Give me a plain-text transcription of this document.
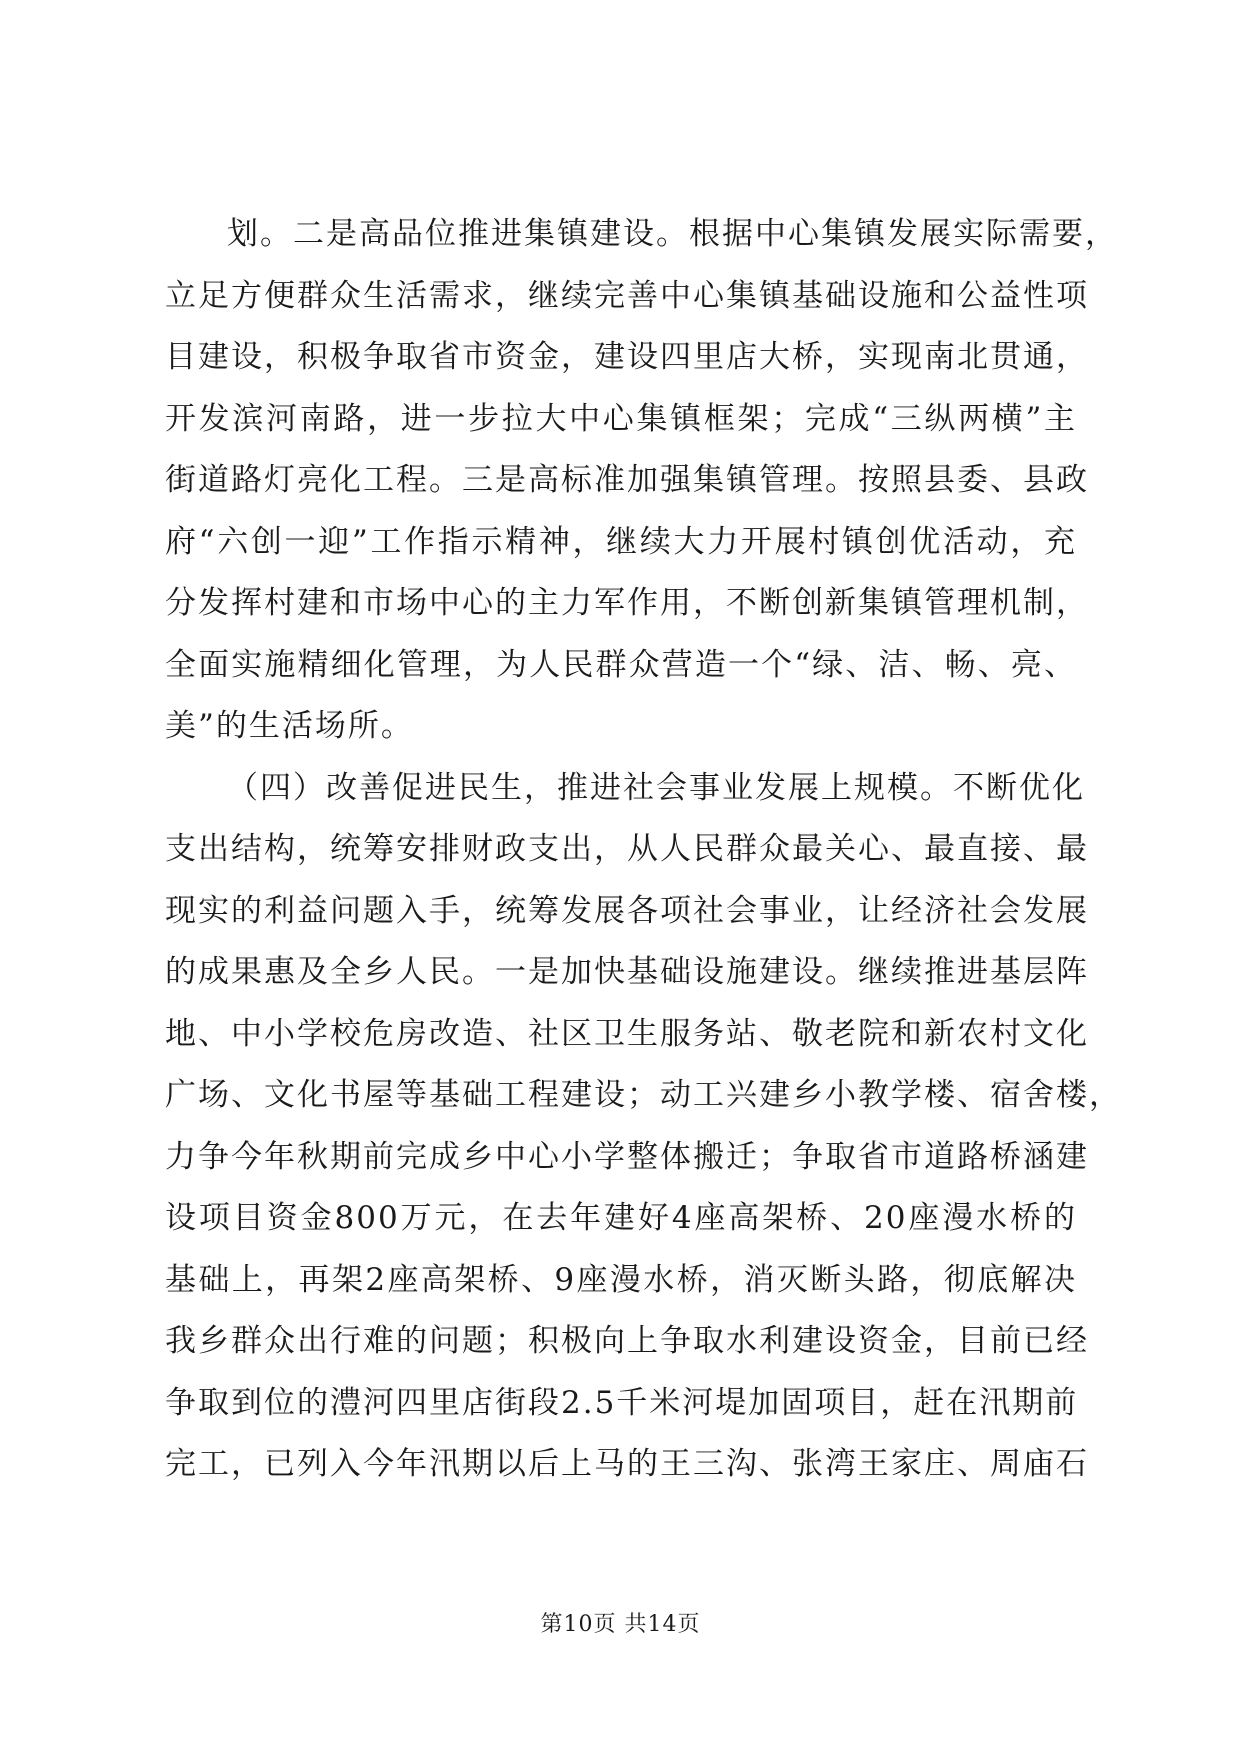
划。二是高品位推进集镇建设。根据中心集镇发展实际需要，
立足方便群众生活需求，继续完善中心集镇基础设施和公益性项
目建设，积极争取省市资金，建设四里店大桥，实现南北贯通，
开发滨河南路，进一步拉大中心集镇框架；完成“三纵两横”主
街道路灯亮化工程。三是高标准加强集镇管理。按照县委、县政
府“六创一迎”工作指示精神，继续大力开展村镇创优活动，充
分发挥村建和市场中心的主力军作用，不断创新集镇管理机制，
全面实施精细化管理，为人民群众营造一个“绿、洁、畅、亮、
美”的生活场所。
（四）改善促进民生，推进社会事业发展上规模。不断优化
支出结构，统筹安排财政支出，从人民群众最关心、最直接、最
现实的利益问题入手，统筹发展各项社会事业，让经济社会发展
的成果惠及全乡人民。一是加快基础设施建设。继续推进基层阵
地、中小学校危房改造、社区卫生服务站、敬老院和新农村文化
广场、文化书屋等基础工程建设；动工兴建乡小教学楼、宿舍楼，
力争今年秋期前完成乡中心小学整体搬迁；争取省市道路桥涵建
设项目资金800万元，在去年建好4座高架桥、20座漫水桥的
基础上，再架2座高架桥、9座漫水桥，消灭断头路，彻底解决
我乡群众出行难的问题；积极向上争取水利建设资金，目前已经
争取到位的澧河四里店街段2.5千米河堤加固项目，赶在汛期前
完工，已列入今年汛期以后上马的王三沟、张湾王家庄、周庙石
第10页 共14页
